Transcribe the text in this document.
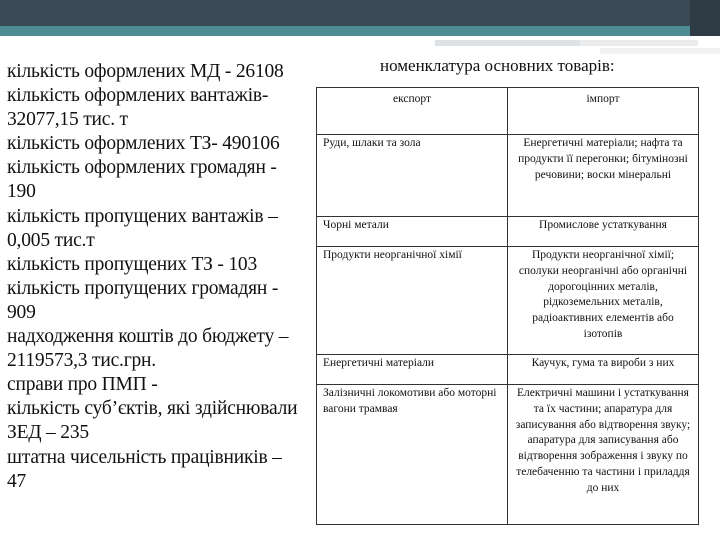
кількість оформлених МД - 26108
кількість оформлених вантажів-
32077,15 тис. т
кількість оформлених ТЗ- 490106
кількість оформлених громадян -
190
кількість пропущених вантажів –
0,005 тис.т
кількість пропущених ТЗ - 103
кількість пропущених громадян -
909
надходження коштів до бюджету –
2119573,3 тис.грн.
справи про ПМП -
кількість суб’єктів, які здійснювали
ЗЕД – 235
штатна чисельність працівників –
47
номенклатура основних товарів:
експорт	імпорт
Руди, шлаки та зола	Енергетичні матеріали; нафта та продукти її перегонки; бітумінозні речовини; воски мінеральні
Чорні метали	Промислове устаткування
Продукти неорганічної хімії	Продукти неорганічної хімії; сполуки неорганічні або органічні дорогоцінних металів, рідкоземельних металів, радіоактивних елементів або ізотопів
Енергетичні матеріали	Каучук, гума та вироби з них
Залізничні локомотиви або моторні вагони трамвая	Електричні машини і устаткування та їх частини; апаратура для записування або відтворення звуку; апаратура для записування або відтворення зображення і звуку по телебаченню та частини і приладдя до них
